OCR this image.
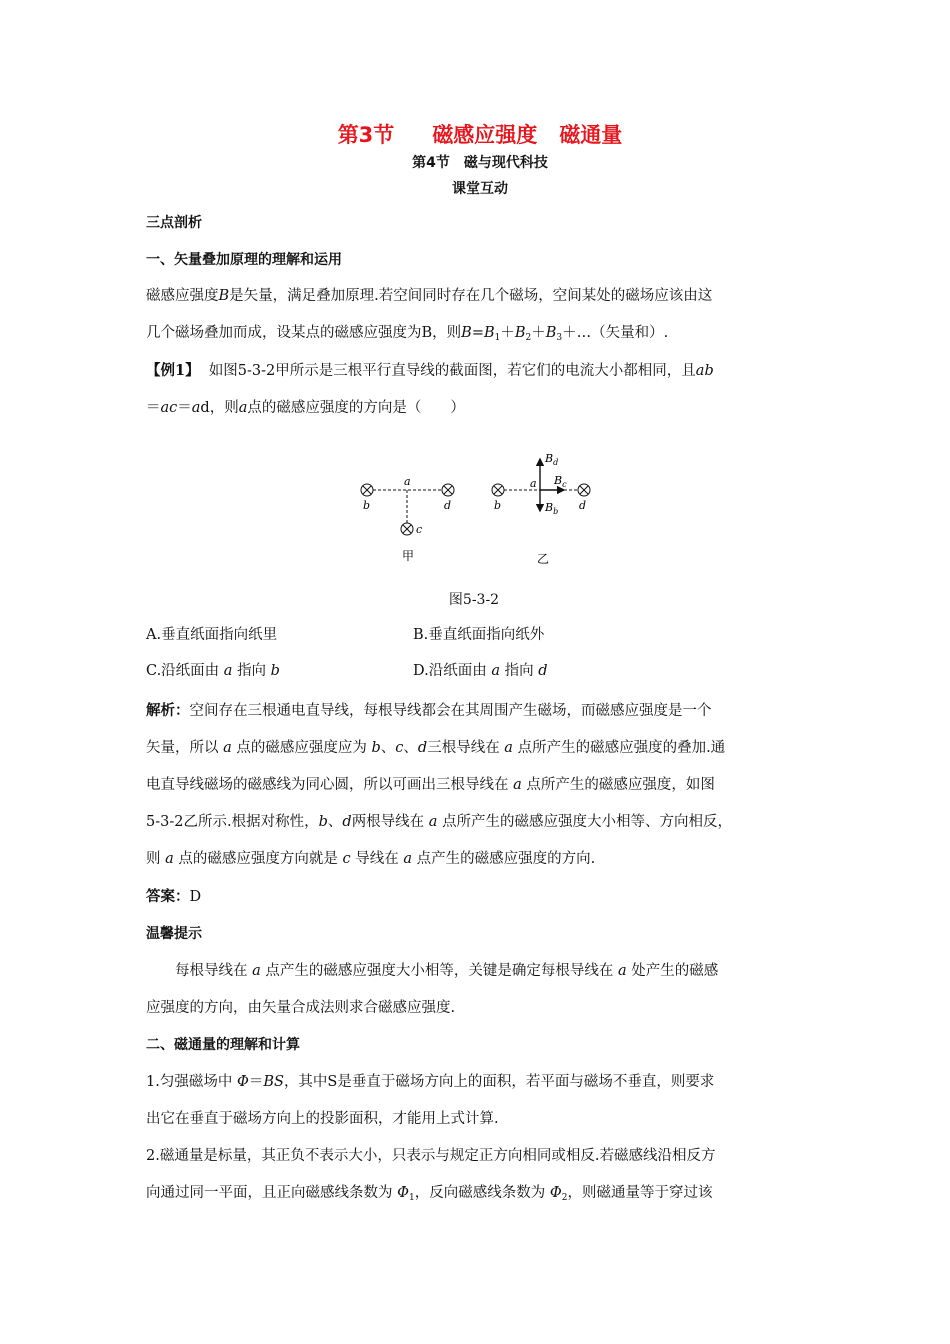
第3节 磁感应强度 磁通量
第4节 磁与现代科技
课堂互动
三点剖析
一、矢量叠加原理的理解和运用

磁感应强度B是矢量，满足叠加原理.若空间同时存在几个磁场，空间某处的磁场应该由这
几个磁场叠加而成，设某点的磁感应强度为B，则$B=B_1+B_2+B_3+\dots$（矢量和）.

【例1】 如图5-3-2甲所示是三根平行直导线的截面图，若它们的电流大小都相同，且ab
＝ac＝ad，则a点的磁感应强度的方向是（　　）

a
b	d
c
甲
$B_d$
$B_c$
$B_b$
a
b	d
乙
图5-3-2
A.垂直纸面指向纸里	B.垂直纸面指向纸外
C.沿纸面由 a 指向 b	D.沿纸面由 a 指向 d

解析：空间存在三根通电直导线，每根导线都会在其周围产生磁场，而磁感应强度是一个
矢量，所以 a 点的磁感应强度应为 b、c、d三根导线在 a 点所产生的磁感应强度的叠加.通
电直导线磁场的磁感线为同心圆，所以可画出三根导线在 a 点所产生的磁感应强度，如图
5-3-2乙所示.根据对称性，b、d两根导线在 a 点所产生的磁感应强度大小相等、方向相反，
则 a 点的磁感应强度方向就是 c 导线在 a 点产生的磁感应强度的方向.

答案：D

温馨提示

每根导线在 a 点产生的磁感应强度大小相等，关键是确定每根导线在 a 处产生的磁感
应强度的方向，由矢量合成法则求合磁感应强度.

二、磁通量的理解和计算

1.匀强磁场中 Φ＝BS，其中S是垂直于磁场方向上的面积，若平面与磁场不垂直，则要求
出它在垂直于磁场方向上的投影面积，才能用上式计算.

2.磁通量是标量，其正负不表示大小，只表示与规定正方向相同或相反.若磁感线沿相反方
向通过同一平面，且正向磁感线条数为 $\Phi_1$，反向磁感线条数为 $\Phi_2$，则磁通量等于穿过该
